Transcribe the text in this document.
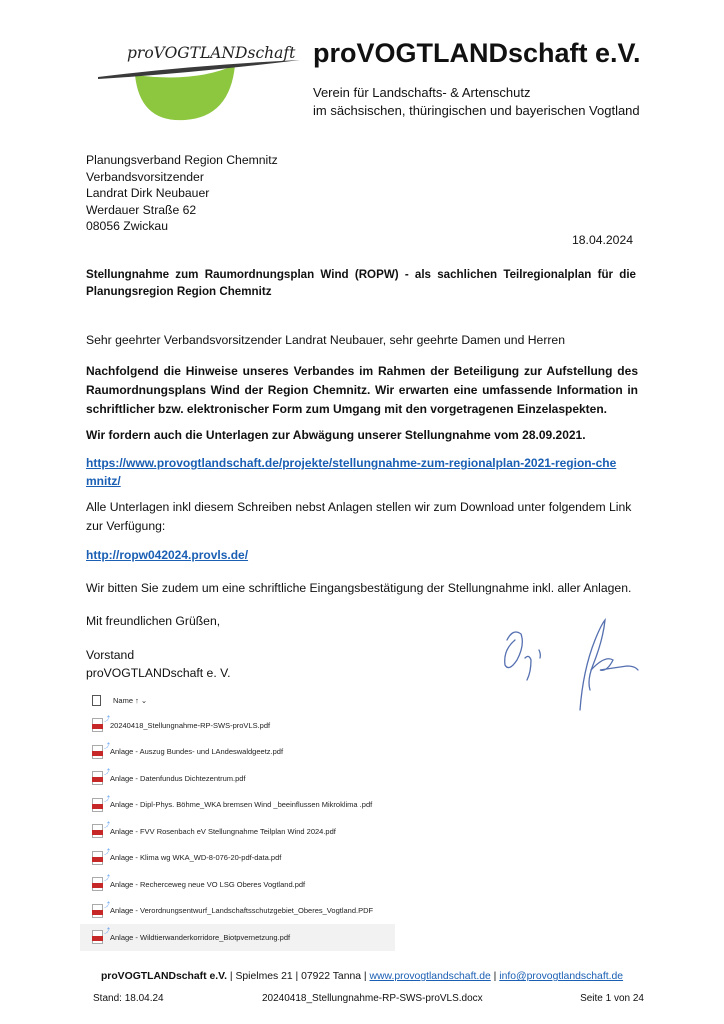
proVOGTLANDschaft proVOGTLANDschaft e.V.
Verein für Landschafts- & Artenschutz
im sächsischen, thüringischen und bayerischen Vogtland
Planungsverband Region Chemnitz
Verbandsvorsitzender
Landrat Dirk Neubauer
Werdauer Straße 62
08056 Zwickau
18.04.2024
Stellungnahme zum Raumordnungsplan Wind (ROPW) - als sachlichen Teilregionalplan für die Planungsregion Region Chemnitz
Sehr geehrter Verbandsvorsitzender Landrat Neubauer, sehr geehrte Damen und Herren
Nachfolgend die Hinweise unseres Verbandes im Rahmen der Beteiligung zur Aufstellung des Raumordnungsplans Wind der Region Chemnitz. Wir erwarten eine umfassende Information in schriftlicher bzw. elektronischer Form zum Umgang mit den vorgetragenen Einzelaspekten.
Wir fordern auch die Unterlagen zur Abwägung unserer Stellungnahme vom 28.09.2021.
https://www.provogtlandschaft.de/projekte/stellungnahme-zum-regionalplan-2021-region-chemnitz/
Alle Unterlagen inkl diesem Schreiben nebst Anlagen stellen wir zum Download unter folgendem Link zur Verfügung:
http://ropw042024.provls.de/
Wir bitten Sie zudem um eine schriftliche Eingangsbestätigung der Stellungnahme inkl. aller Anlagen.
Mit freundlichen Grüßen,
Vorstand
proVOGTLANDschaft e. V.
Name ↑ ⌄
⤴
20240418_Stellungnahme-RP-SWS-proVLS.pdf
⤴
Anlage - Auszug Bundes- und LAndeswaldgeetz.pdf
⤴
Anlage - Datenfundus Dichtezentrum.pdf
⤴
Anlage - Dipl-Phys. Böhme_WKA bremsen Wind _beeinflussen Mikroklima .pdf
⤴
Anlage - FVV Rosenbach eV Stellungnahme Teilplan Wind 2024.pdf
⤴
Anlage - Klima wg WKA_WD-8-076-20-pdf-data.pdf
⤴
Anlage - Recherceweg neue VO LSG Oberes Vogtland.pdf
⤴
Anlage - Verordnungsentwurf_Landschaftsschutzgebiet_Oberes_Vogtland.PDF
⤴
Anlage - Wildtierwanderkorridore_Biotpvernetzung.pdf
proVOGTLANDschaft e.V. | Spielmes 21 | 07922 Tanna | www.provogtlandschaft.de | info@provogtlandschaft.de
Stand: 18.04.24	20240418_Stellungnahme-RP-SWS-proVLS.docx	Seite 1 von 24
